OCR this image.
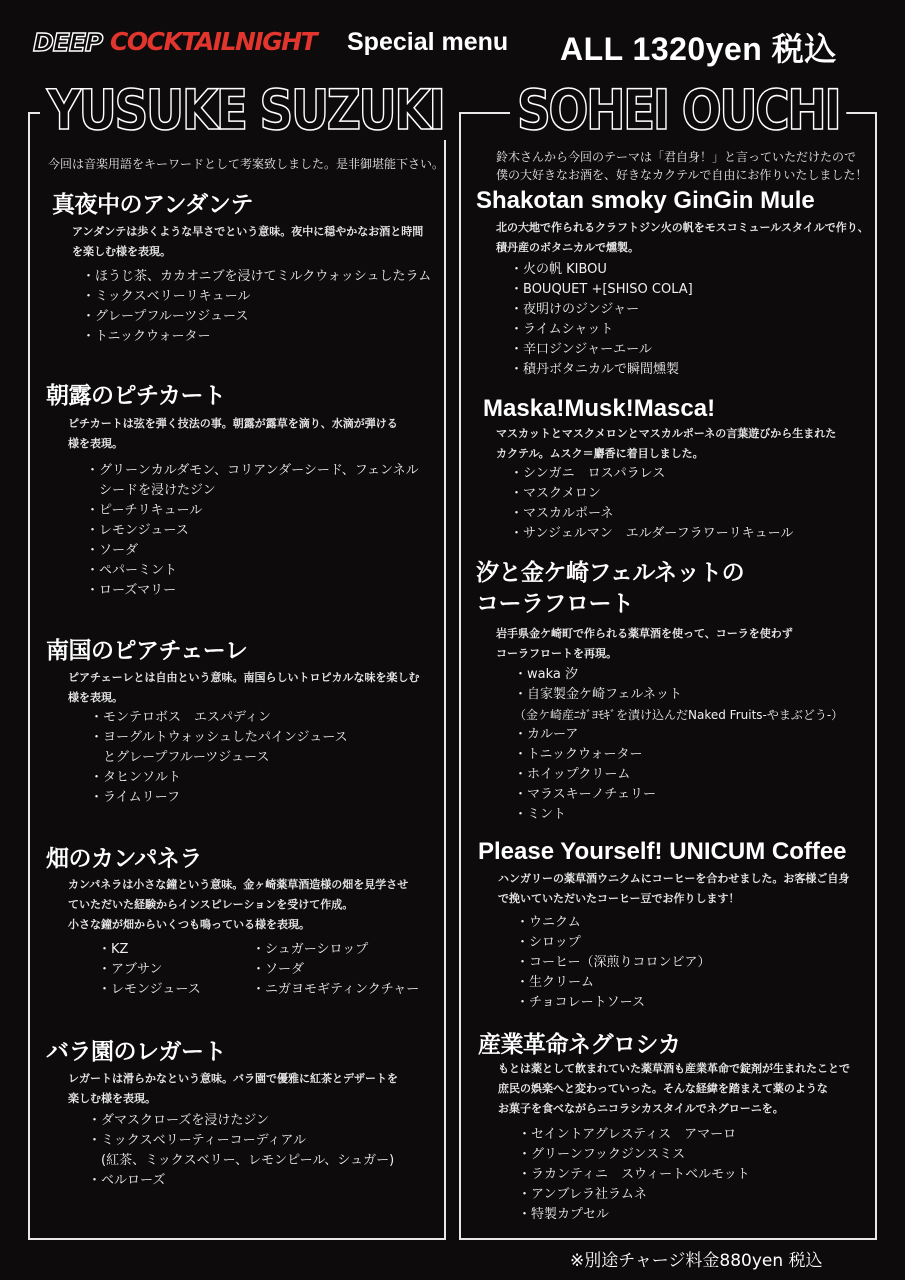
DEEP COCKTAILNIGHT Special menu ALL 1320yen 税込
YUSUKE SUZUKI SOHEI OUCHI
今回は音楽用語をキーワードとして考案致しました。是非御堪能下さい。
真夜中のアンダンテ
アンダンテは歩くような早さでという意味。夜中に穏やかなお酒と時間
を楽しむ様を表現。
・ほうじ茶、カカオニブを浸けてミルクウォッシュしたラム
・ミックスベリーリキュール
・グレープフルーツジュース
・トニックウォーター
朝露のピチカート
ピチカートは弦を弾く技法の事。朝露が露草を滴り、水滴が弾ける
様を表現。
・グリーンカルダモン、コリアンダーシード、フェンネル
　シードを浸けたジン
・ピーチリキュール
・レモンジュース
・ソーダ
・ペパーミント
・ローズマリー
南国のピアチェーレ
ピアチェーレとは自由という意味。南国らしいトロピカルな味を楽しむ
様を表現。
・モンテロボス　エスパディン
・ヨーグルトウォッシュしたパインジュース
　とグレープフルーツジュース
・タヒンソルト
・ライムリーフ
畑のカンパネラ
カンパネラは小さな鐘という意味。金ヶ崎薬草酒造様の畑を見学させ
ていただいた経験からインスピレーションを受けて作成。
小さな鐘が畑からいくつも鳴っている様を表現。
・KZ
・アブサン
・レモンジュース
・シュガーシロップ
・ソーダ
・ニガヨモギティンクチャー
バラ園のレガート
レガートは滑らかなという意味。バラ園で優雅に紅茶とデザートを
楽しむ様を表現。
・ダマスクローズを浸けたジン
・ミックスベリーティーコーディアル
　(紅茶、ミックスベリー、レモンピール、シュガー)
・ベルローズ
鈴木さんから今回のテーマは「君自身！」と言っていただけたので
僕の大好きなお酒を、好きなカクテルで自由にお作りいたしました！
Shakotan smoky GinGin Mule
北の大地で作られるクラフトジン火の帆をモスコミュールスタイルで作り、
積丹産のボタニカルで燻製。
・火の帆 KIBOU
・BOUQUET +[SHISO COLA]
・夜明けのジンジャー
・ライムシャット
・辛口ジンジャーエール
・積丹ボタニカルで瞬間燻製
Maska!Musk!Masca!
マスカットとマスクメロンとマスカルポーネの言葉遊びから生まれた
カクテル。ムスク＝麝香に着目しました。
・シンガニ　ロスパラレス
・マスクメロン
・マスカルポーネ
・サンジェルマン　エルダーフラワーリキュール
汐と金ケ崎フェルネットの
コーラフロート
岩手県金ケ崎町で作られる薬草酒を使って、コーラを使わず
コーラフロートを再現。
・waka 汐
・自家製金ケ崎フェルネット
（金ケ崎産ﾆｶﾞﾖﾓｷﾞを漬け込んだNaked Fruits-やまぶどう-）
・カルーア
・トニックウォーター
・ホイップクリーム
・マラスキーノチェリー
・ミント
Please Yourself! UNICUM Coffee
ハンガリーの薬草酒ウニクムにコーヒーを合わせました。お客様ご自身
で挽いていただいたコーヒー豆でお作りします！
・ウニクム
・シロップ
・コーヒー（深煎りコロンビア）
・生クリーム
・チョコレートソース
産業革命ネグロシカ
もとは薬として飲まれていた薬草酒も産業革命で錠剤が生まれたことで
庶民の娯楽へと変わっていった。そんな経緯を踏まえて薬のような
お菓子を食べながらニコラシカスタイルでネグローニを。
・セイントアグレスティス　アマーロ
・グリーンフックジンスミス
・ラカンティニ　スウィートベルモット
・アンブレラ社ラムネ
・特製カプセル
※別途チャージ料金880yen 税込
